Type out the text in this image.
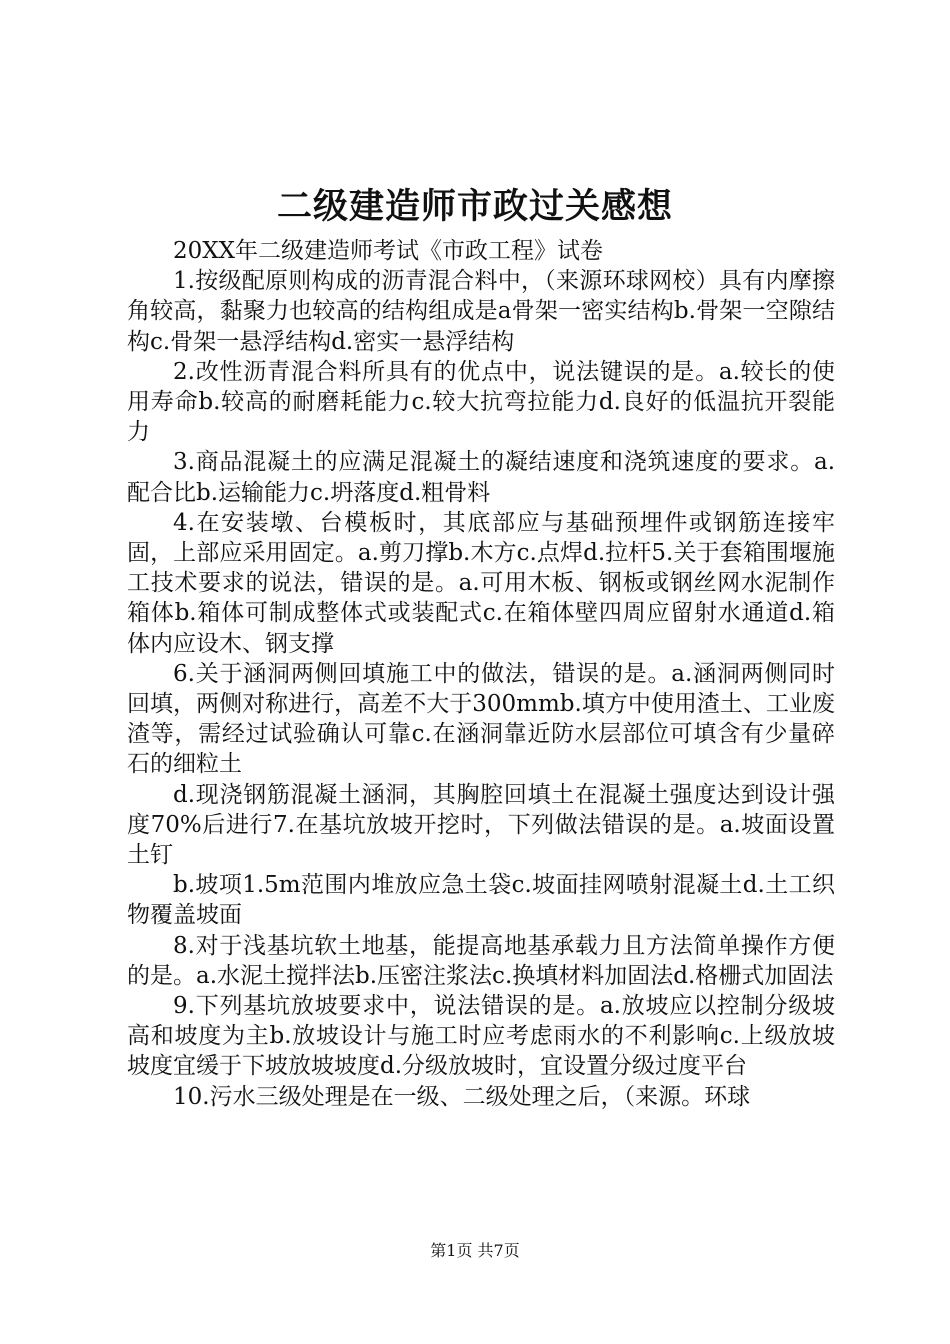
二级建造师市政过关感想

20XX年二级建造师考试《市政工程》试卷

1.按级配原则构成的沥青混合料中，（来源环球网校）具有内摩擦角较高，黏聚力也较高的结构组成是a骨架一密实结构b.骨架一空隙结构c.骨架一悬浮结构d.密实一悬浮结构

2.改性沥青混合料所具有的优点中，说法键误的是。a.较长的使用寿命b.较高的耐磨耗能力c.较大抗弯拉能力d.良好的低温抗开裂能力

3.商品混凝土的应满足混凝土的凝结速度和浇筑速度的要求。a.配合比b.运输能力c.坍落度d.粗骨料

4.在安装墩、台模板时，其底部应与基础预埋件或钢筋连接牢固，上部应采用固定。a.剪刀撑b.木方c.点焊d.拉杆5.关于套箱围堰施工技术要求的说法，错误的是。a.可用木板、钢板或钢丝网水泥制作箱体b.箱体可制成整体式或装配式c.在箱体壁四周应留射水通道d.箱体内应设木、钢支撑

6.关于涵洞两侧回填施工中的做法，错误的是。a.涵洞两侧同时回填，两侧对称进行，高差不大于300mmb.填方中使用渣土、工业废渣等，需经过试验确认可靠c.在涵洞靠近防水层部位可填含有少量碎石的细粒土

d.现浇钢筋混凝土涵洞，其胸腔回填土在混凝土强度达到设计强度70%后进行7.在基坑放坡开挖时，下列做法错误的是。a.坡面设置土钉

b.坡项1.5m范围内堆放应急土袋c.坡面挂网喷射混凝土d.土工织物覆盖坡面

8.对于浅基坑软土地基，能提高地基承载力且方法简单操作方便的是。a.水泥土搅拌法b.压密注浆法c.换填材料加固法d.格栅式加固法

9.下列基坑放坡要求中，说法错误的是。a.放坡应以控制分级坡高和坡度为主b.放坡设计与施工时应考虑雨水的不利影响c.上级放坡坡度宜缓于下坡放坡坡度d.分级放坡时，宜设置分级过度平台

10.污水三级处理是在一级、二级处理之后，（来源。环球

第1页 共7页
